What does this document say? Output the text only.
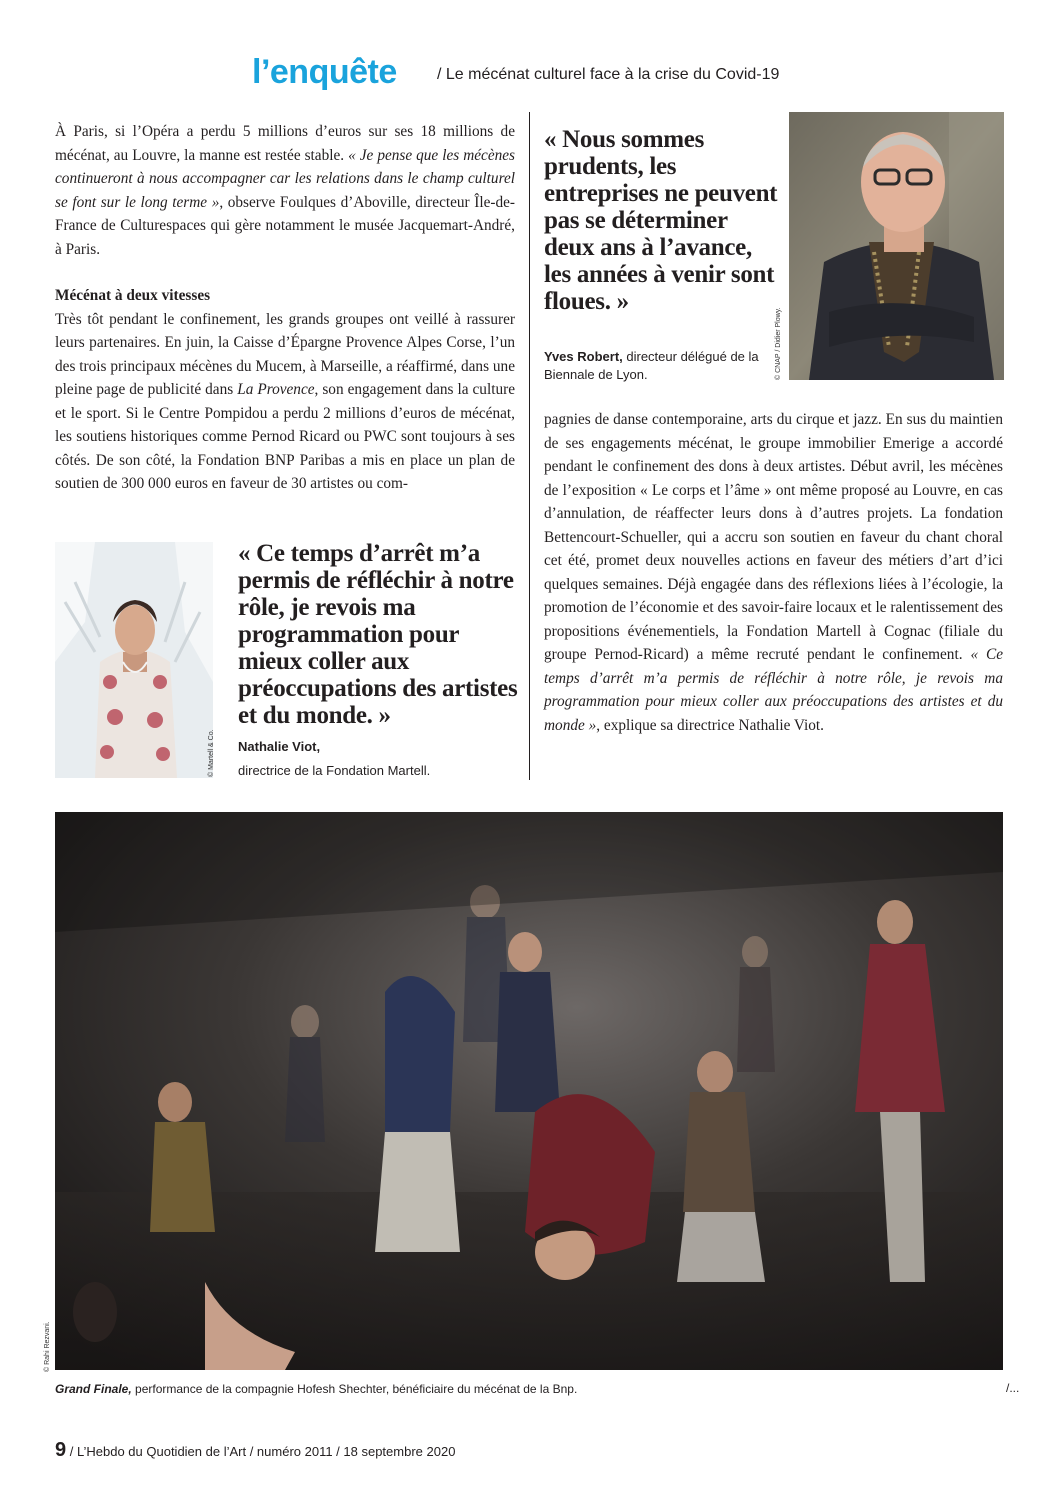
l’enquête	/ Le mécénat culturel face à la crise du Covid-19

À Paris, si l’Opéra a perdu 5 millions d’euros sur ses 18 millions de mécénat, au Louvre, la manne est restée stable. « Je pense que les mécènes continueront à nous accompagner car les relations dans le champ culturel se font sur le long terme », observe Foulques d’Aboville, directeur Île-de-France de Culturespaces qui gère notamment le musée Jacquemart-André, à Paris.

Mécénat à deux vitesses

Très tôt pendant le confinement, les grands groupes ont veillé à rassurer leurs partenaires. En juin, la Caisse d’Épargne Provence Alpes Corse, l’un des trois principaux mécènes du Mucem, à Marseille, a réaffirmé, dans une pleine page de publicité dans La Provence, son engagement dans la culture et le sport. Si le Centre Pompidou a perdu 2 millions d’euros de mécénat, les soutiens historiques comme Pernod Ricard ou PWC sont toujours à ses côtés. De son côté, la Fondation BNP Paribas a mis en place un plan de soutien de 300 000 euros en faveur de 30 artistes ou com-

« Nous sommes prudents, les entreprises ne peuvent pas se déterminer deux ans à l’avance, les années à venir sont floues. »
Yves Robert, directeur délégué de la Biennale de Lyon.	© CNAP / Didier Plowy.

pagnies de danse contemporaine, arts du cirque et jazz. En sus du maintien de ses engagements mécénat, le groupe immobilier Emerige a accordé pendant le confinement des dons à deux artistes. Début avril, les mécènes de l’exposition « Le corps et l’âme » ont même proposé au Louvre, en cas d’annulation, de réaffecter leurs dons à d’autres projets. La fondation Bettencourt-Schueller, qui a accru son soutien en faveur du chant choral cet été, promet deux nouvelles actions en faveur des métiers d’art d’ici quelques semaines. Déjà engagée dans des réflexions liées à l’écologie, la promotion de l’économie et des savoir-faire locaux et le ralentissement des propositions événementiels, la Fondation Martell à Cognac (filiale du groupe Pernod-Ricard) a même recruté pendant le confinement. « Ce temps d’arrêt m’a permis de réfléchir à notre rôle, je revois ma programmation pour mieux coller aux préoccupations des artistes et du monde », explique sa directrice Nathalie Viot.

© Martell & Co.
« Ce temps d’arrêt m’a permis de réfléchir à notre rôle, je revois ma programmation pour mieux coller aux préoccupations des artistes et du monde. »
Nathalie Viot,
directrice de la Fondation Martell.
© Rahi Rezvani.
Grand Finale, performance de la compagnie Hofesh Shechter, bénéficiaire du mécénat de la Bnp.	/...
9 / L’Hebdo du Quotidien de l’Art / numéro 2011 / 18 septembre 2020
